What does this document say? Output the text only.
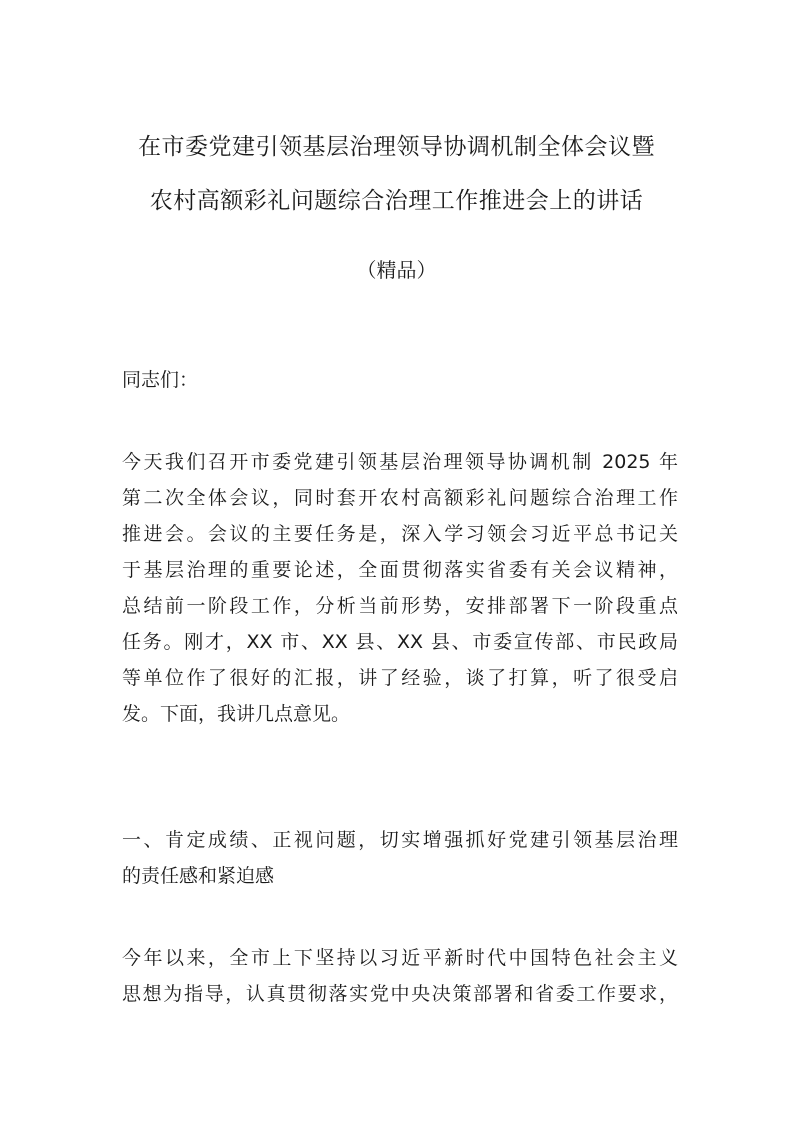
在市委党建引领基层治理领导协调机制全体会议暨
农村高额彩礼问题综合治理工作推进会上的讲话
（精品）
同志们：
今天我们召开市委党建引领基层治理领导协调机制 2025 年
第二次全体会议，同时套开农村高额彩礼问题综合治理工作
推进会。会议的主要任务是，深入学习领会习近平总书记关
于基层治理的重要论述，全面贯彻落实省委有关会议精神，
总结前一阶段工作，分析当前形势，安排部署下一阶段重点
任务。刚才，XX 市、XX 县、XX 县、市委宣传部、市民政局
等单位作了很好的汇报，讲了经验，谈了打算，听了很受启
发。下面，我讲几点意见。
一、肯定成绩、正视问题，切实增强抓好党建引领基层治理
的责任感和紧迫感
今年以来，全市上下坚持以习近平新时代中国特色社会主义
思想为指导，认真贯彻落实党中央决策部署和省委工作要求，
